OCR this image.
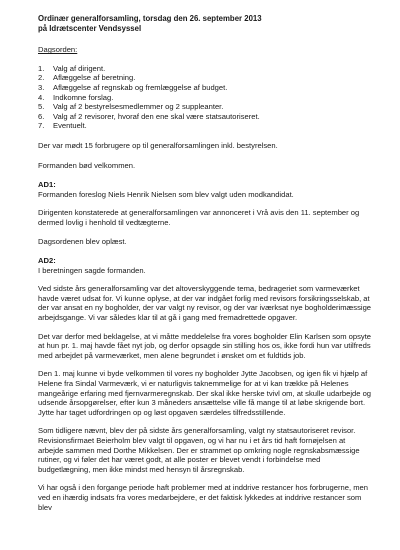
Ordinær generalforsamling, torsdag den 26. september 2013
på Idrætscenter Vendsyssel
Dagsorden:
1.	Valg af dirigent.
2.	Aflæggelse af beretning.
3.	Aflæggelse af regnskab og fremlæggelse af budget.
4.	Indkomne forslag.
5.	Valg af 2 bestyrelsesmedlemmer og 2 suppleanter.
6.	Valg af 2 revisorer, hvoraf den ene skal være statsautoriseret.
7.	Eventuelt.

Der var mødt 15 forbrugere op til generalforsamlingen inkl. bestyrelsen.

Formanden bød velkommen.

AD1:

Formanden foreslog Niels Henrik Nielsen som blev valgt uden modkandidat.

Dirigenten konstaterede at generalforsamlingen var annonceret i Vrå avis den 11. september og dermed lovlig i henhold til vedtægterne.

Dagsordenen blev oplæst.

AD2:

I beretningen sagde formanden.

Ved sidste års generalforsamling var det altoverskyggende tema, bedrageriet som varmeværket havde været udsat for. Vi kunne oplyse, at der var indgået forlig med revisors forsikringsselskab, at der var ansat en ny bogholder, der var valgt ny revisor, og der var iværksat nye bogholderimæssige arbejdsgange. Vi var således klar til at gå i gang med fremadrettede opgaver.

Det var derfor med beklagelse, at vi måtte meddelelse fra vores bogholder Elin Karlsen som opsyte at hun pr. 1. maj havde fået nyt job, og derfor opsagde sin stilling hos os, ikke fordi hun var utilfreds med arbejdet på varmeværket, men alene begrundet i ønsket om et fuldtids job.

Den 1. maj kunne vi byde velkommen til vores ny bogholder Jytte Jacobsen, og igen fik vi hjælp af Helene fra Sindal Varmeværk, vi er naturligvis taknemmelige for at vi kan trække på Helenes mangeårige erfaring med fjernvarmeregnskab. Der skal ikke herske tvivl om, at skulle udarbejde og udsende årsopgørelser, efter kun 3 måneders ansættelse ville få mange til at løbe skrigende bort. Jytte har taget udfordringen op og løst opgaven særdeles tilfredsstillende.

Som tidligere nævnt, blev der på sidste års generalforsamling, valgt ny statsautoriseret revisor. Revisionsfirmaet Beierholm blev valgt til opgaven, og vi har nu i et års tid haft fornøjelsen at arbejde sammen med Dorthe Mikkelsen. Der er strammet op omkring nogle regnskabsmæssige rutiner, og vi føler det har været godt, at alle poster er blevet vendt i forbindelse med budgetlægning, men ikke mindst med hensyn til årsregnskab.

Vi har også i den forgange periode haft problemer med at inddrive restancer hos forbrugerne, men ved en ihærdig indsats fra vores medarbejdere, er det faktisk lykkedes at inddrive restancer som blev
